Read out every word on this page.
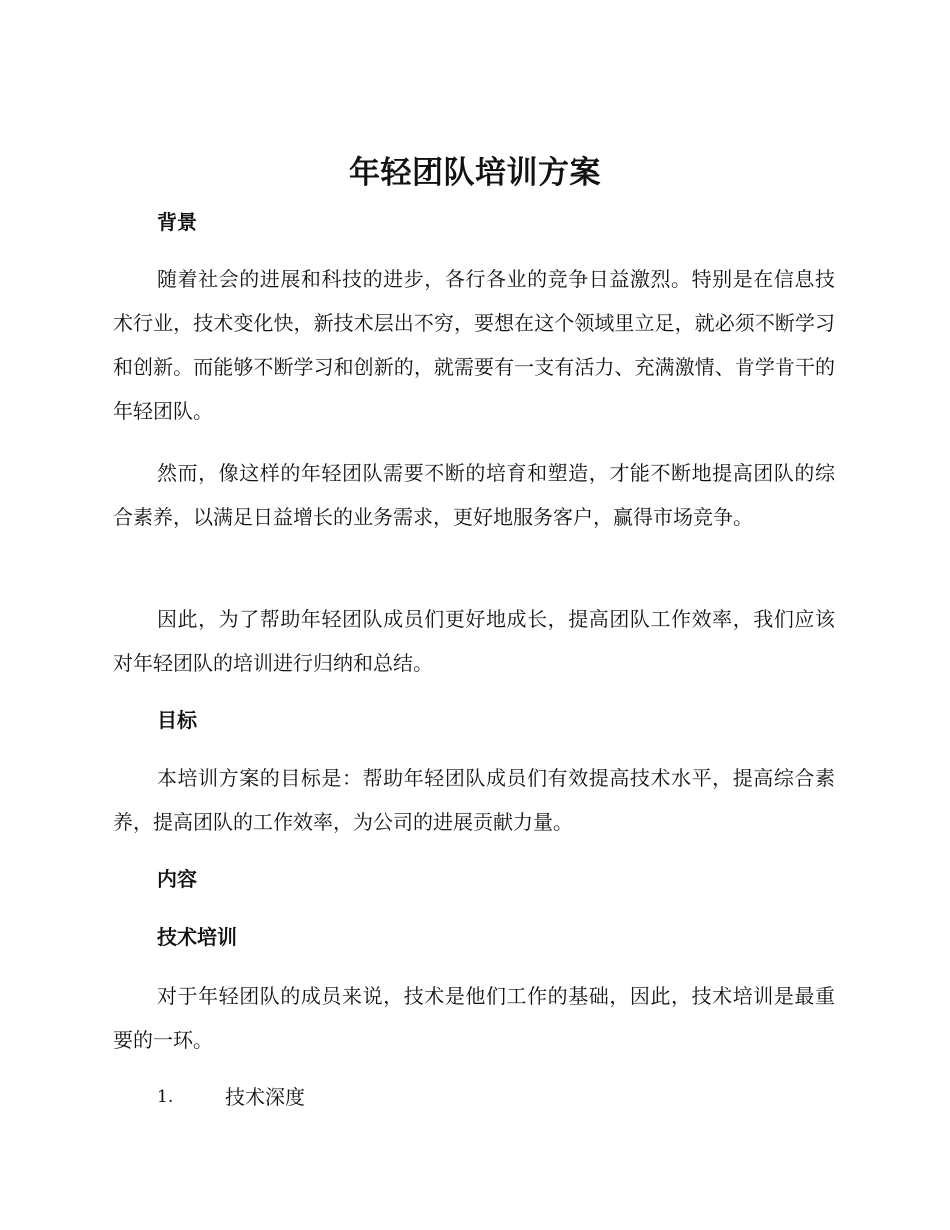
年轻团队培训方案
背景
随着社会的进展和科技的进步，各行各业的竞争日益激烈。特别是在信息技术行业，技术变化快，新技术层出不穷，要想在这个领域里立足，就必须不断学习和创新。而能够不断学习和创新的，就需要有一支有活力、充满激情、肯学肯干的年轻团队。
然而，像这样的年轻团队需要不断的培育和塑造，才能不断地提高团队的综合素养，以满足日益增长的业务需求，更好地服务客户，赢得市场竞争。
因此，为了帮助年轻团队成员们更好地成长，提高团队工作效率，我们应该对年轻团队的培训进行归纳和总结。
目标
本培训方案的目标是：帮助年轻团队成员们有效提高技术水平，提高综合素养，提高团队的工作效率，为公司的进展贡献力量。
内容
技术培训
对于年轻团队的成员来说，技术是他们工作的基础，因此，技术培训是最重要的一环。
1.	技术深度
